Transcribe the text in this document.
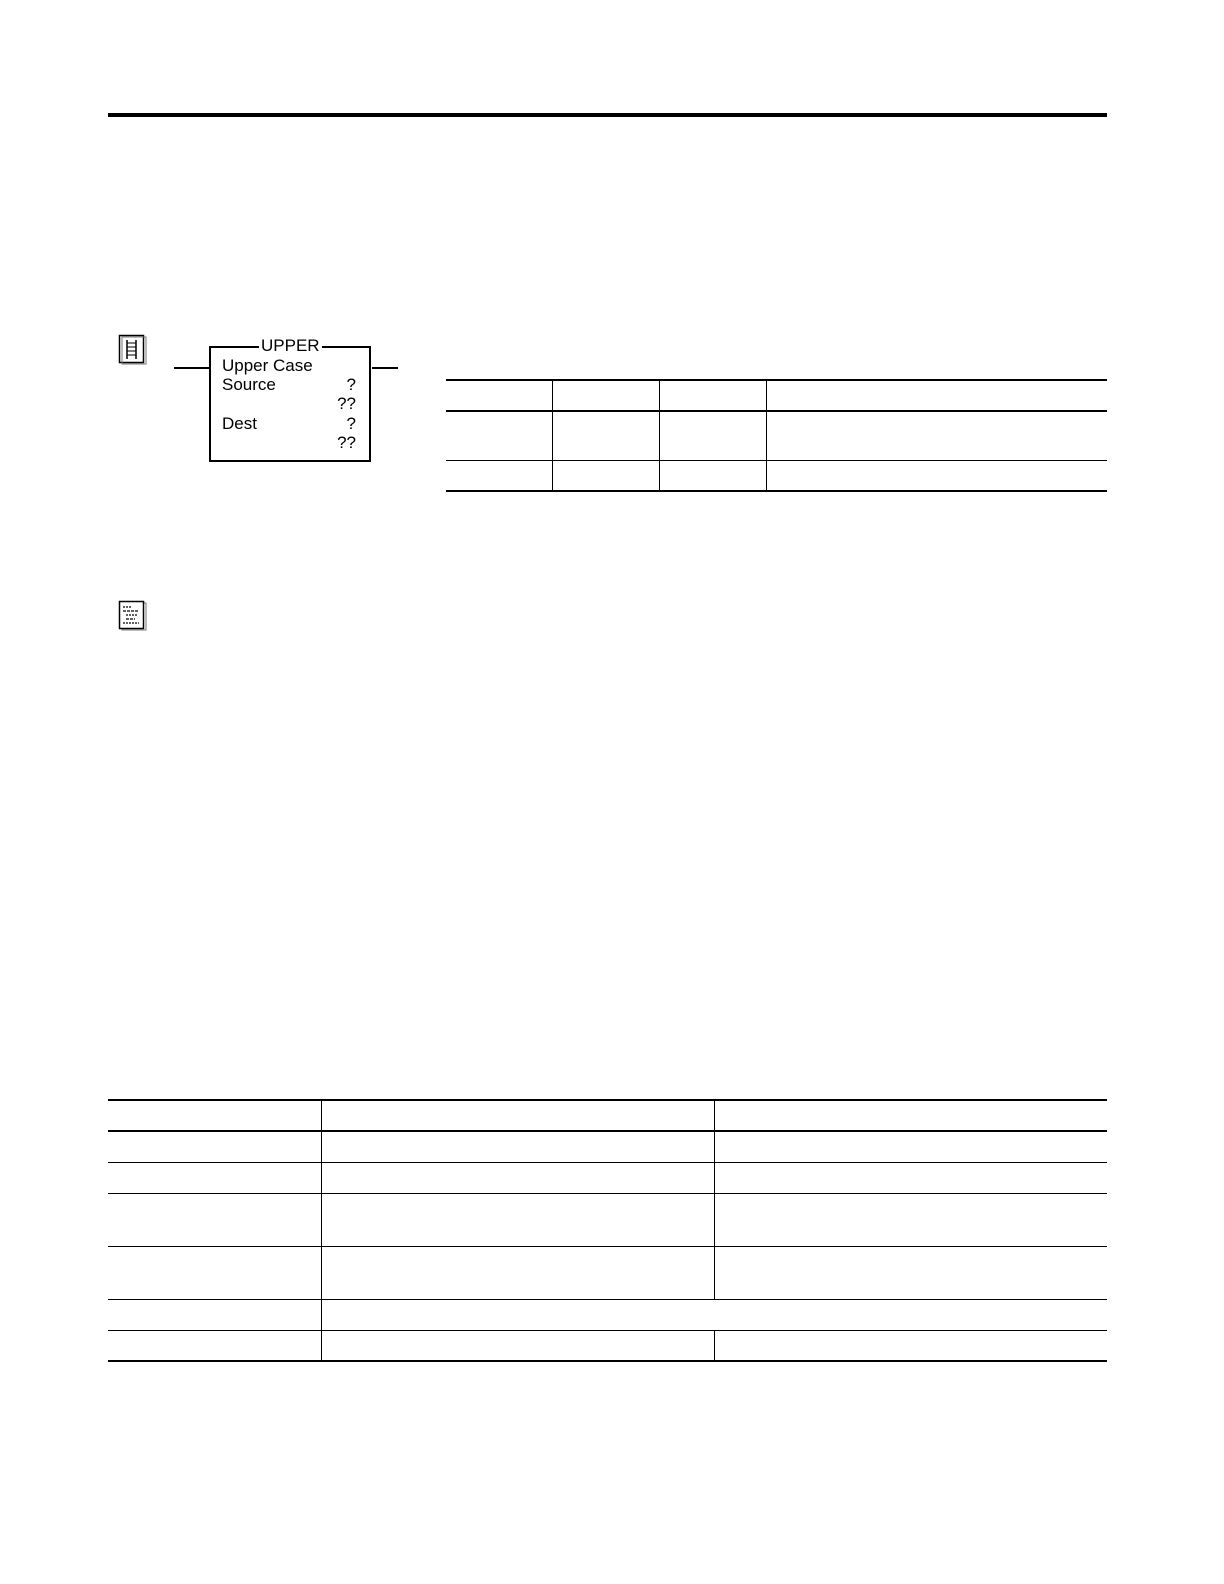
UPPER
Upper Case
Source	?
??
Dest	?
??
